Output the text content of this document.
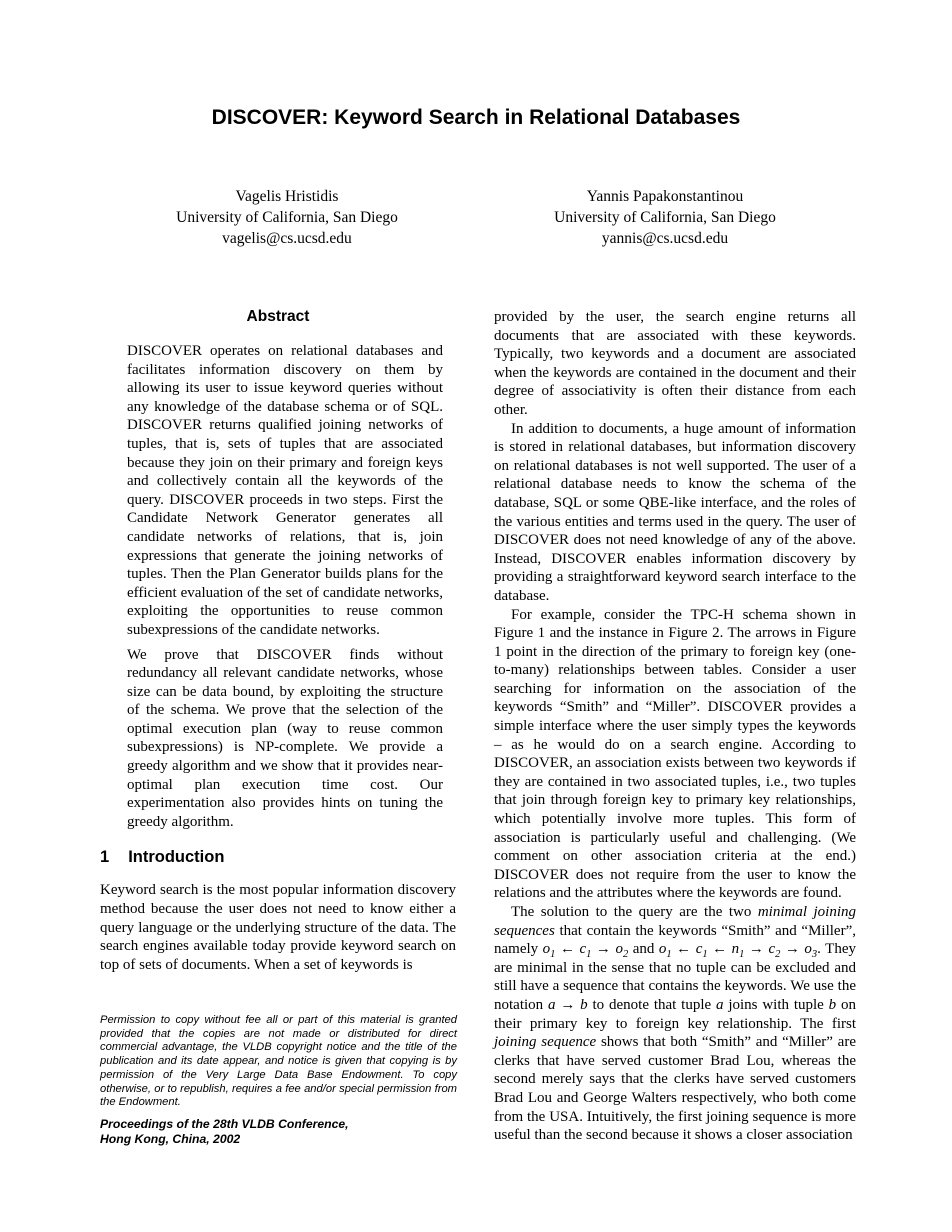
DISCOVER: Keyword Search in Relational Databases
Vagelis Hristidis
University of California, San Diego
vagelis@cs.ucsd.edu
Yannis Papakonstantinou
University of California, San Diego
yannis@cs.ucsd.edu
Abstract

DISCOVER operates on relational databases and facilitates information discovery on them by allowing its user to issue keyword queries without any knowledge of the database schema or of SQL. DISCOVER returns qualified joining networks of tuples, that is, sets of tuples that are associated because they join on their primary and foreign keys and collectively contain all the keywords of the query. DISCOVER proceeds in two steps. First the Candidate Network Generator generates all candidate networks of relations, that is, join expressions that generate the joining networks of tuples. Then the Plan Generator builds plans for the efficient evaluation of the set of candidate networks, exploiting the opportunities to reuse common subexpressions of the candidate networks.

We prove that DISCOVER finds without redundancy all relevant candidate networks, whose size can be data bound, by exploiting the structure of the schema. We prove that the selection of the optimal execution plan (way to reuse common subexpressions) is NP-complete. We provide a greedy algorithm and we show that it provides near-optimal plan execution time cost. Our experimentation also provides hints on tuning the greedy algorithm.

1 Introduction

Keyword search is the most popular information discovery method because the user does not need to know either a query language or the underlying structure of the data. The search engines available today provide keyword search on top of sets of documents. When a set of keywords is

provided by the user, the search engine returns all documents that are associated with these keywords. Typically, two keywords and a document are associated when the keywords are contained in the document and their degree of associativity is often their distance from each other.

In addition to documents, a huge amount of information is stored in relational databases, but information discovery on relational databases is not well supported. The user of a relational database needs to know the schema of the database, SQL or some QBE-like interface, and the roles of the various entities and terms used in the query. The user of DISCOVER does not need knowledge of any of the above. Instead, DISCOVER enables information discovery by providing a straightforward keyword search interface to the database.

For example, consider the TPC-H schema shown in Figure 1 and the instance in Figure 2. The arrows in Figure 1 point in the direction of the primary to foreign key (one-to-many) relationships between tables. Consider a user searching for information on the association of the keywords “Smith” and “Miller”. DISCOVER provides a simple interface where the user simply types the keywords – as he would do on a search engine. According to DISCOVER, an association exists between two keywords if they are contained in two associated tuples, i.e., two tuples that join through foreign key to primary key relationships, which potentially involve more tuples. This form of association is particularly useful and challenging. (We comment on other association criteria at the end.) DISCOVER does not require from the user to know the relations and the attributes where the keywords are found.

The solution to the query are the two minimal joining sequences that contain the keywords “Smith” and “Miller”, namely $o_1$ ← $c_1 \to o_2$ and $o_1$ ← $c_1$ ← $n_1 \to c_2 \to o_3$. They are minimal in the sense that no tuple can be excluded and still have a sequence that contains the keywords. We use the notation a → b to denote that tuple a joins with tuple b on their primary key to foreign key relationship. The first joining sequence shows that both “Smith” and “Miller” are clerks that have served customer Brad Lou, whereas the second merely says that the clerks have served customers Brad Lou and George Walters respectively, who both come from the USA. Intuitively, the first joining sequence is more useful than the second because it shows a closer association

Permission to copy without fee all or part of this material is granted provided that the copies are not made or distributed for direct commercial advantage, the VLDB copyright notice and the title of the publication and its date appear, and notice is given that copying is by permission of the Very Large Data Base Endowment. To copy otherwise, or to republish, requires a fee and/or special permission from the Endowment.

Proceedings of the 28th VLDB Conference,
Hong Kong, China, 2002
